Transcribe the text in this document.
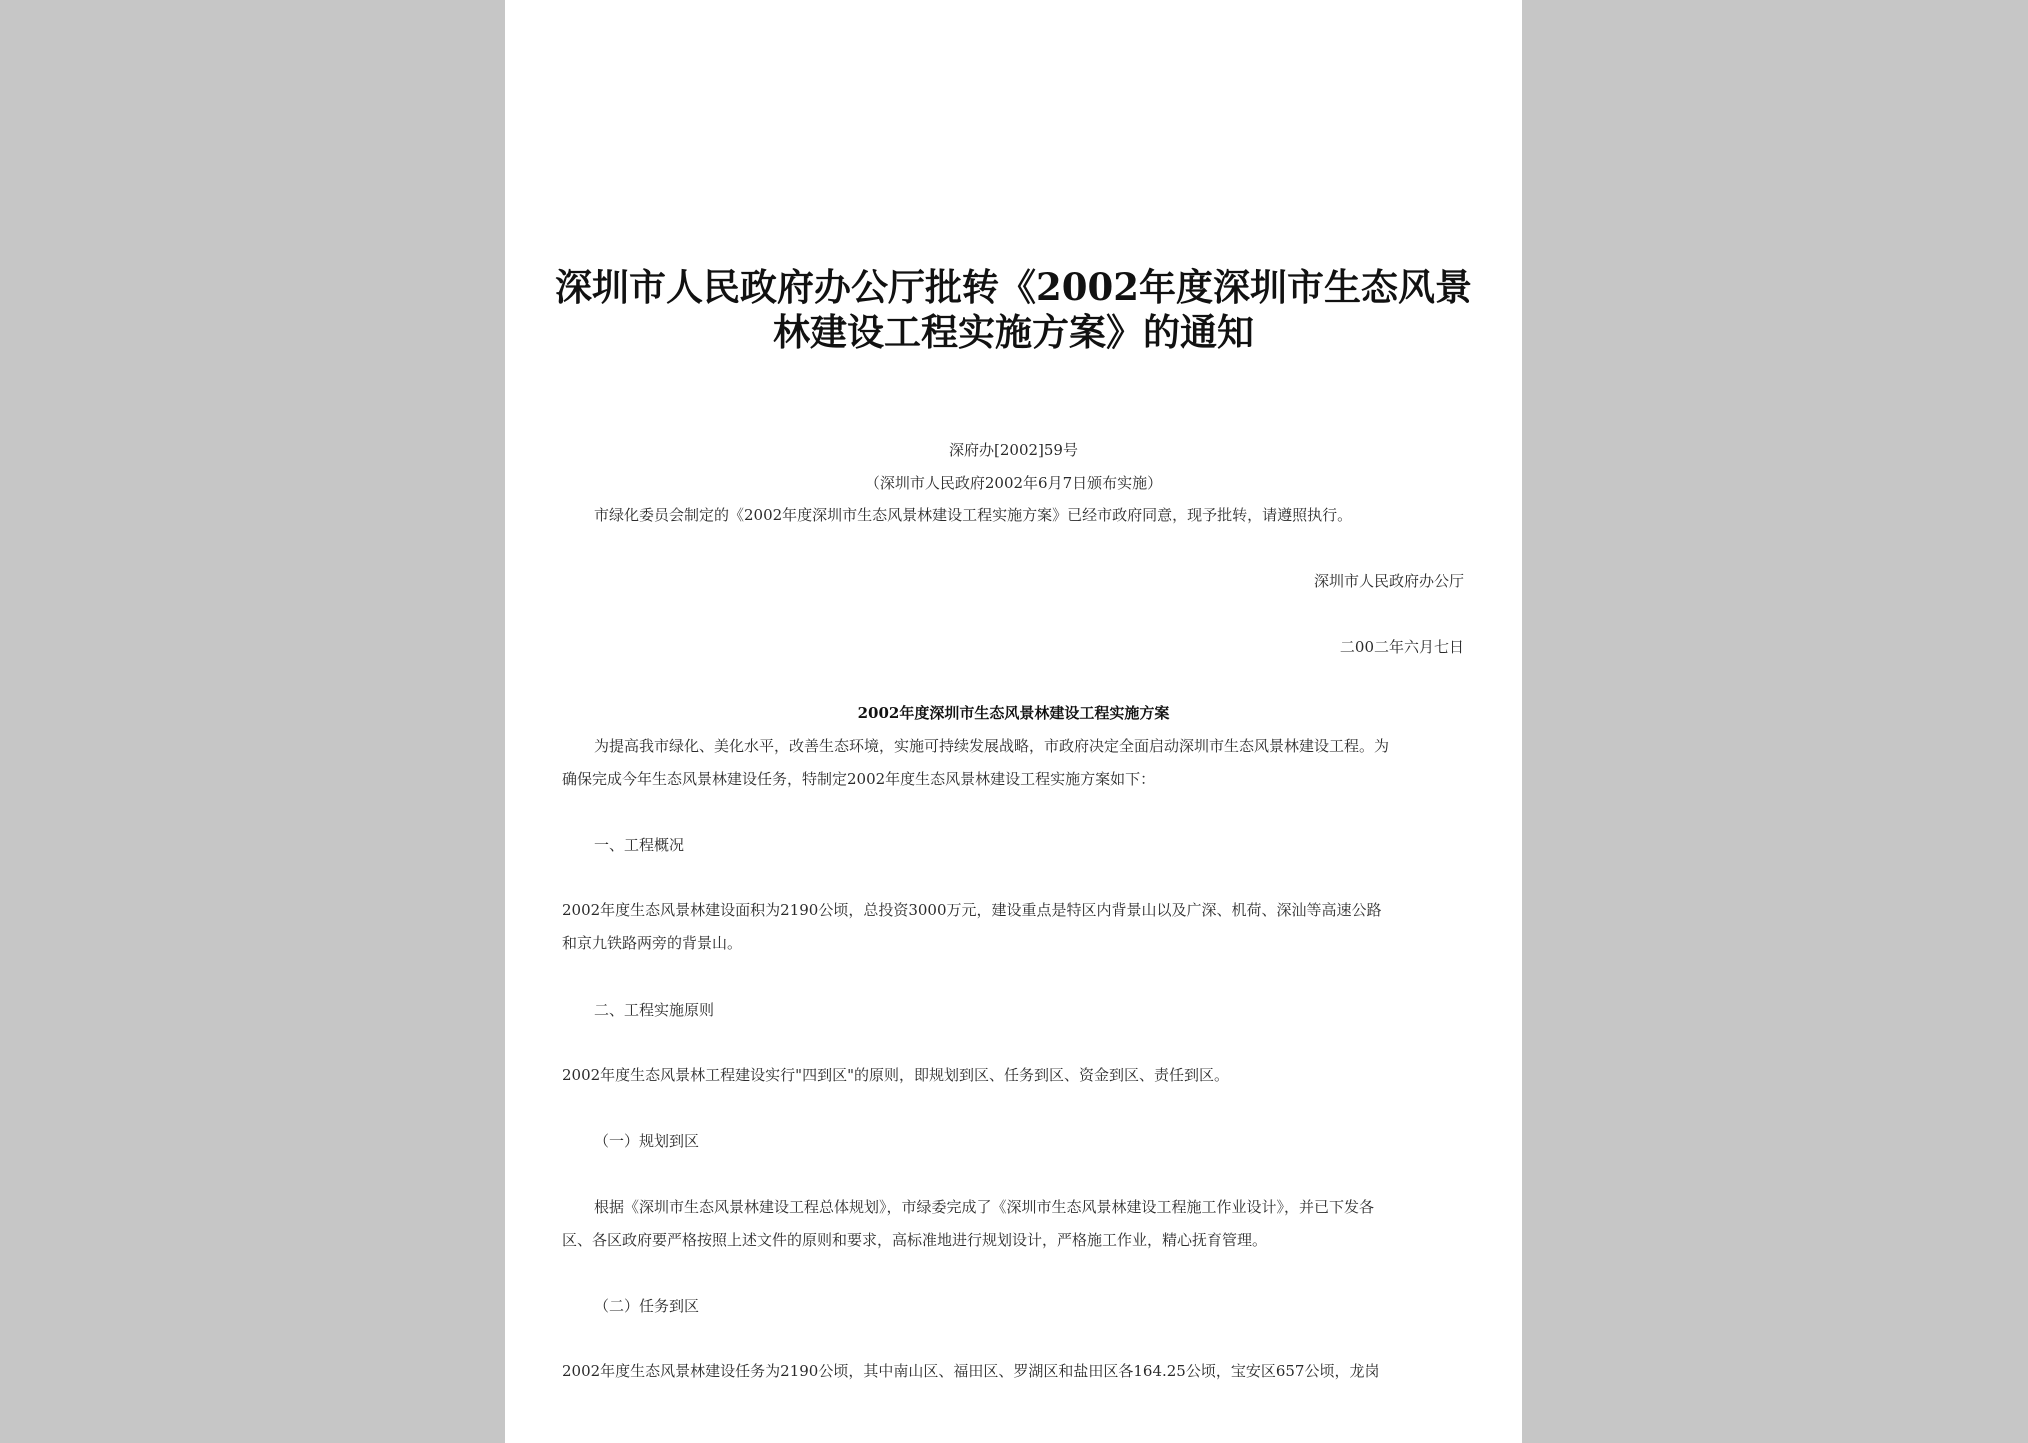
深圳市人民政府办公厅批转《2002年度深圳市生态风景
林建设工程实施方案》的通知
深府办[2002]59号
（深圳市人民政府2002年6月7日颁布实施）
市绿化委员会制定的《2002年度深圳市生态风景林建设工程实施方案》已经市政府同意，现予批转，请遵照执行。
深圳市人民政府办公厅
二00二年六月七日
2002年度深圳市生态风景林建设工程实施方案
为提高我市绿化、美化水平，改善生态环境，实施可持续发展战略，市政府决定全面启动深圳市生态风景林建设工程。为
确保完成今年生态风景林建设任务，特制定2002年度生态风景林建设工程实施方案如下：
一、工程概况
2002年度生态风景林建设面积为2190公顷，总投资3000万元，建设重点是特区内背景山以及广深、机荷、深汕等高速公路
和京九铁路两旁的背景山。
二、工程实施原则
2002年度生态风景林工程建设实行"四到区"的原则，即规划到区、任务到区、资金到区、责任到区。
（一）规划到区
根据《深圳市生态风景林建设工程总体规划》，市绿委完成了《深圳市生态风景林建设工程施工作业设计》，并已下发各
区、各区政府要严格按照上述文件的原则和要求，高标准地进行规划设计，严格施工作业，精心抚育管理。
（二）任务到区
2002年度生态风景林建设任务为2190公顷，其中南山区、福田区、罗湖区和盐田区各164.25公顷，宝安区657公顷，龙岗
